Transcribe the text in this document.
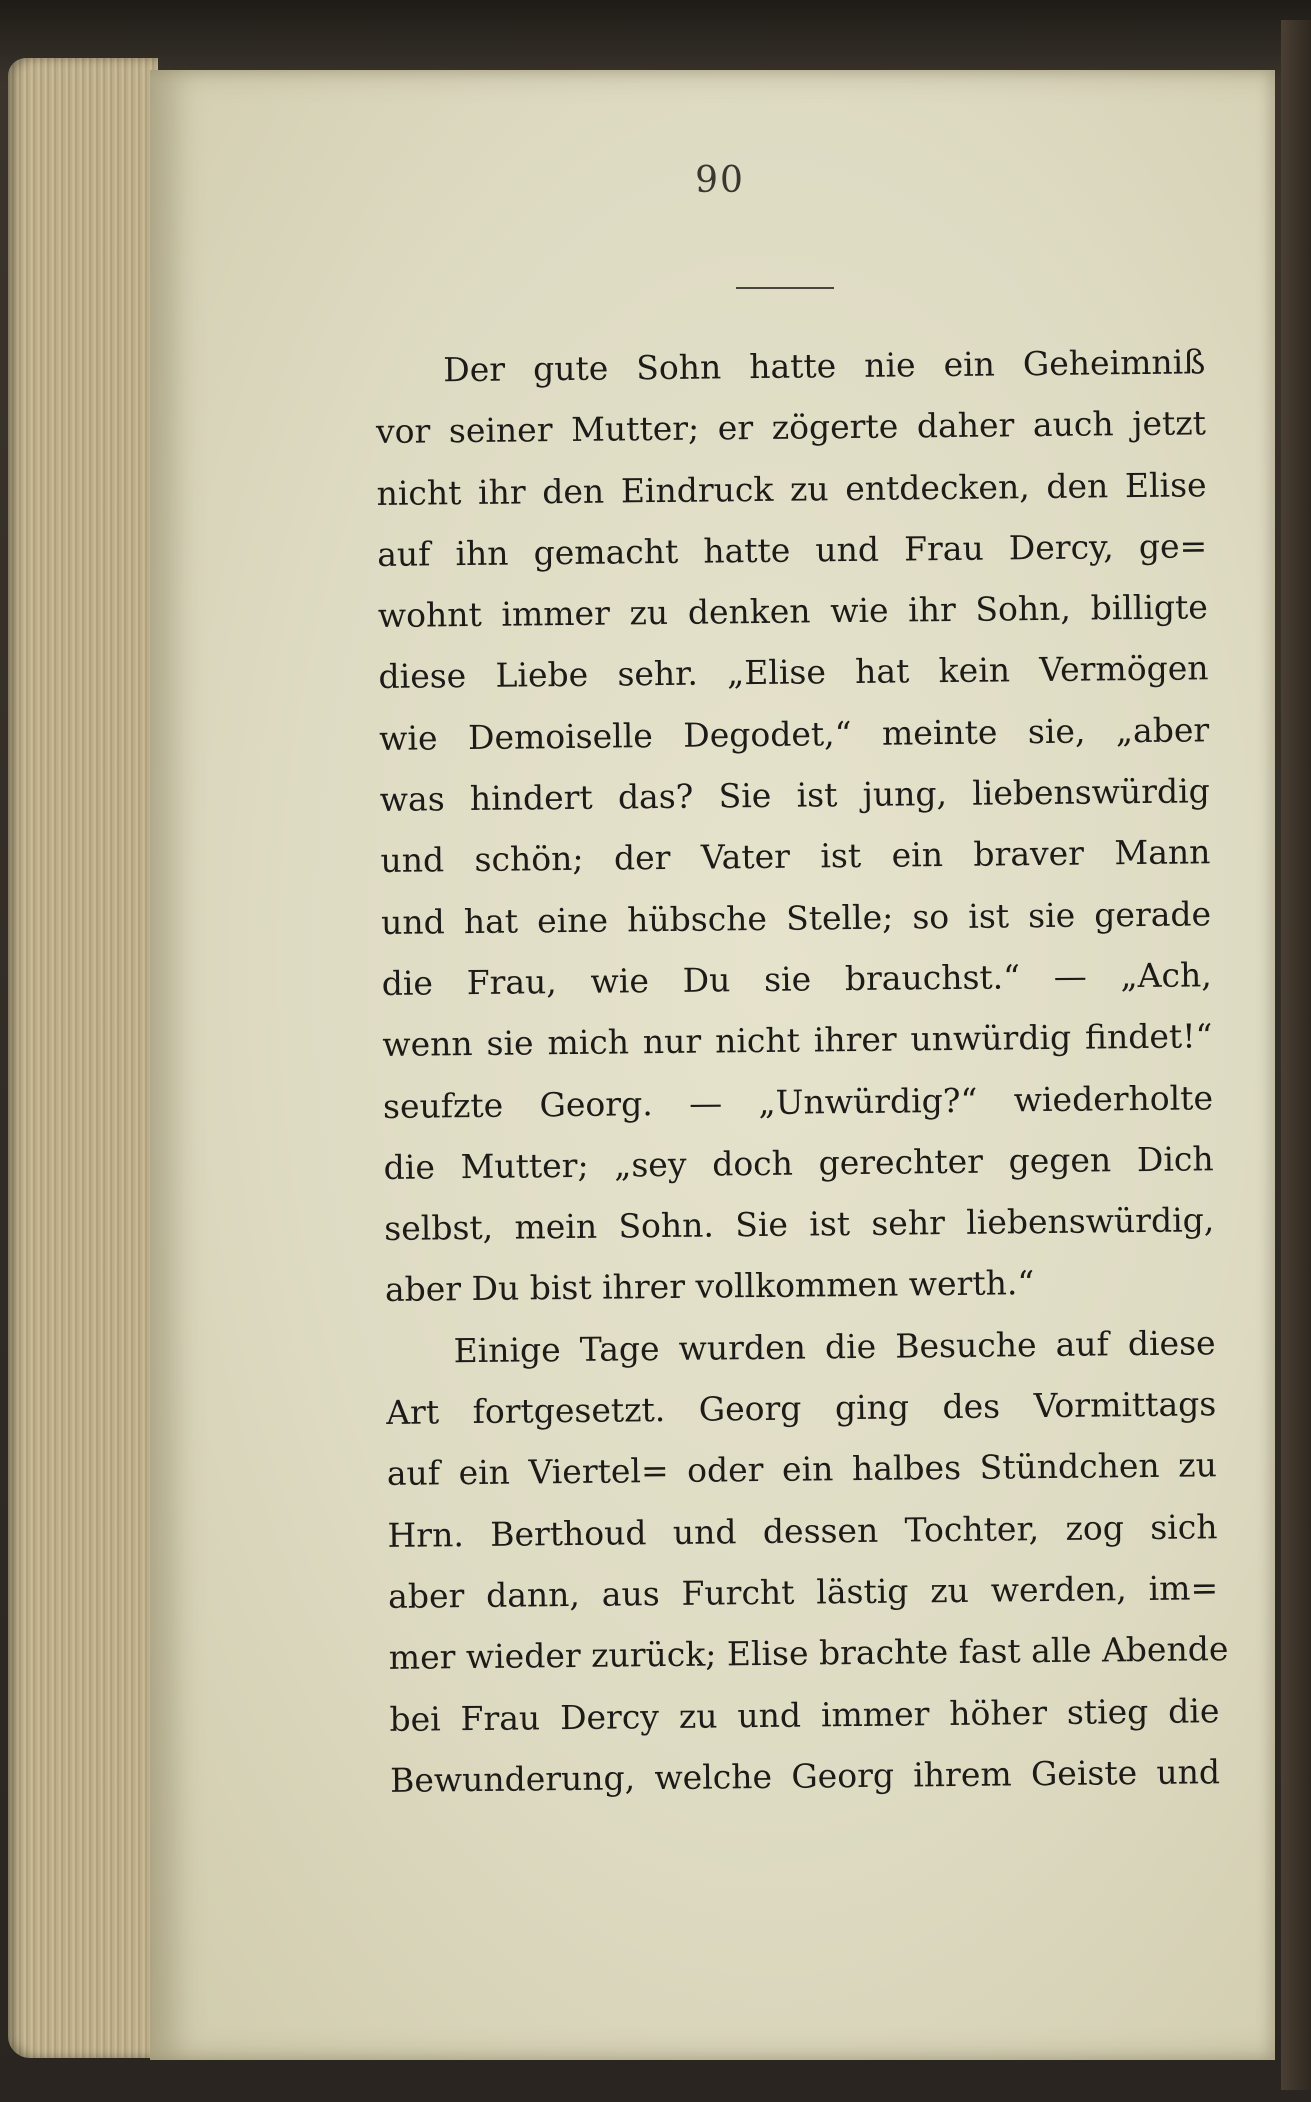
90
Der gute Sohn hatte nie ein Geheimniß
vor seiner Mutter; er zögerte daher auch jetzt
nicht ihr den Eindruck zu entdecken, den Elise
auf ihn gemacht hatte und Frau Dercy, ge=
wohnt immer zu denken wie ihr Sohn, billigte
diese Liebe sehr. „Elise hat kein Vermögen
wie Demoiselle Degodet,“ meinte sie, „aber
was hindert das? Sie ist jung, liebenswürdig
und schön; der Vater ist ein braver Mann
und hat eine hübsche Stelle; so ist sie gerade
die Frau, wie Du sie brauchst.“ — „Ach,
wenn sie mich nur nicht ihrer unwürdig findet!“
seufzte Georg. — „Unwürdig?“ wiederholte
die Mutter; „sey doch gerechter gegen Dich
selbst, mein Sohn. Sie ist sehr liebenswürdig,
aber Du bist ihrer vollkommen werth.“
Einige Tage wurden die Besuche auf diese
Art fortgesetzt. Georg ging des Vormittags
auf ein Viertel= oder ein halbes Stündchen zu
Hrn. Berthoud und dessen Tochter, zog sich
aber dann, aus Furcht lästig zu werden, im=
mer wieder zurück; Elise brachte fast alle Abende
bei Frau Dercy zu und immer höher stieg die
Bewunderung, welche Georg ihrem Geiste und
